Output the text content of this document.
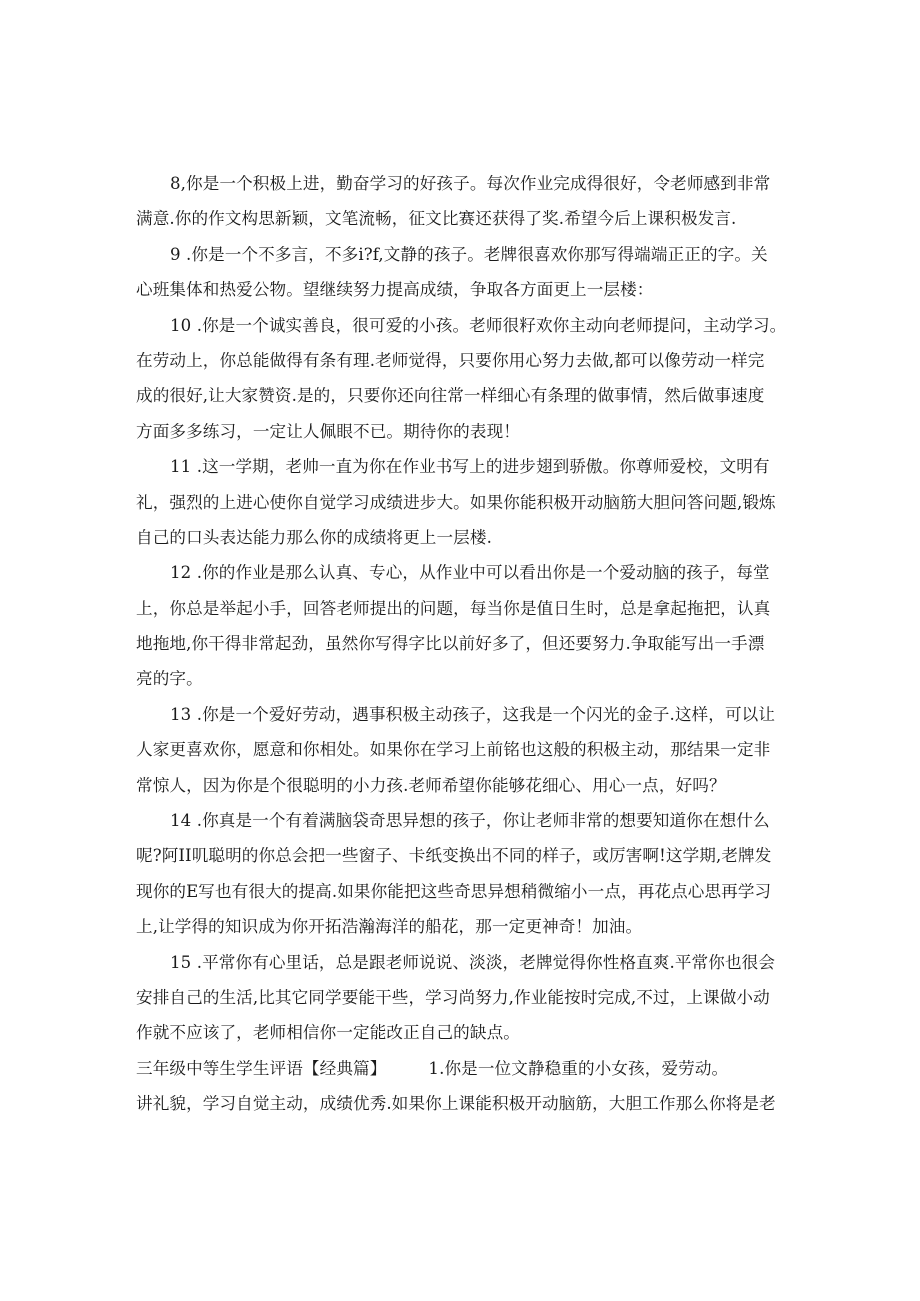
8,你是一个积极上进，勤奋学习的好孩子。每次作业完成得很好，令老师感到非常
满意.你的作文构思新颖，文笔流畅，征文比赛还获得了奖.希望今后上课积极发言.
9 .你是一个不多言，不多i?f,文静的孩子。老牌很喜欢你那写得端端正正的字。关
心班集体和热爱公物。望继续努力提高成绩，争取各方面更上一层楼：
10 .你是一个诚实善良，很可爱的小孩。老师很籽欢你主动向老师提问，主动学习。
在劳动上，你总能做得有条有理.老师觉得，只要你用心努力去做,都可以像劳动一样完
成的很好,让大家赞资.是的，只要你还向往常一样细心有条理的做事情，然后做事速度
方面多多练习，一定让人佩眼不已。期待你的表现！
11 .这一学期，老帅一直为你在作业书写上的进步翅到骄傲。你尊师爱校，文明有
礼，强烈的上进心使你自觉学习成绩进步大。如果你能积极开动脑筋大胆问答问题,锻炼
自己的口头表达能力那么你的成绩将更上一层楼.
12 .你的作业是那么认真、专心，从作业中可以看出你是一个爱动脑的孩子，每堂
上，你总是举起小手，回答老师提出的问题，每当你是值日生时，总是拿起拖把，认真
地拖地,你干得非常起劲，虽然你写得字比以前好多了，但还要努力.争取能写出一手漂
亮的字。
13 .你是一个爱好劳动，遇事积极主动孩子，这我是一个闪光的金子.这样，可以让
人家更喜欢你，愿意和你相处。如果你在学习上前铭也这般的积极主动，那结果一定非
常惊人，因为你是个很聪明的小力孩.老师希望你能够花细心、用心一点，好吗？
14 .你真是一个有着满脑袋奇思异想的孩子，你让老师非常的想要知道你在想什么
呢?阿II叽聪明的你总会把一些窗子、卡纸变换出不同的样子，或厉害啊!这学期,老牌发
现你的E写也有很大的提高.如果你能把这些奇思异想稍微缩小一点，再花点心思再学习
上,让学得的知识成为你开拓浩瀚海洋的船花，那一定更神奇！加油。
15 .平常你有心里话，总是跟老师说说、淡淡，老牌觉得你性格直爽.平常你也很会
安排自己的生活,比其它同学要能干些，学习尚努力,作业能按时完成,不过，上课做小动
作就不应该了，老师相信你一定能改正自己的缺点。
三年级中等生学生评语【经典篇】	1.你是一位文静稳重的小女孩，爱劳动。
讲礼貌，学习自觉主动，成绩优秀.如果你上课能积极开动脑筋，大胆工作那么你将是老
